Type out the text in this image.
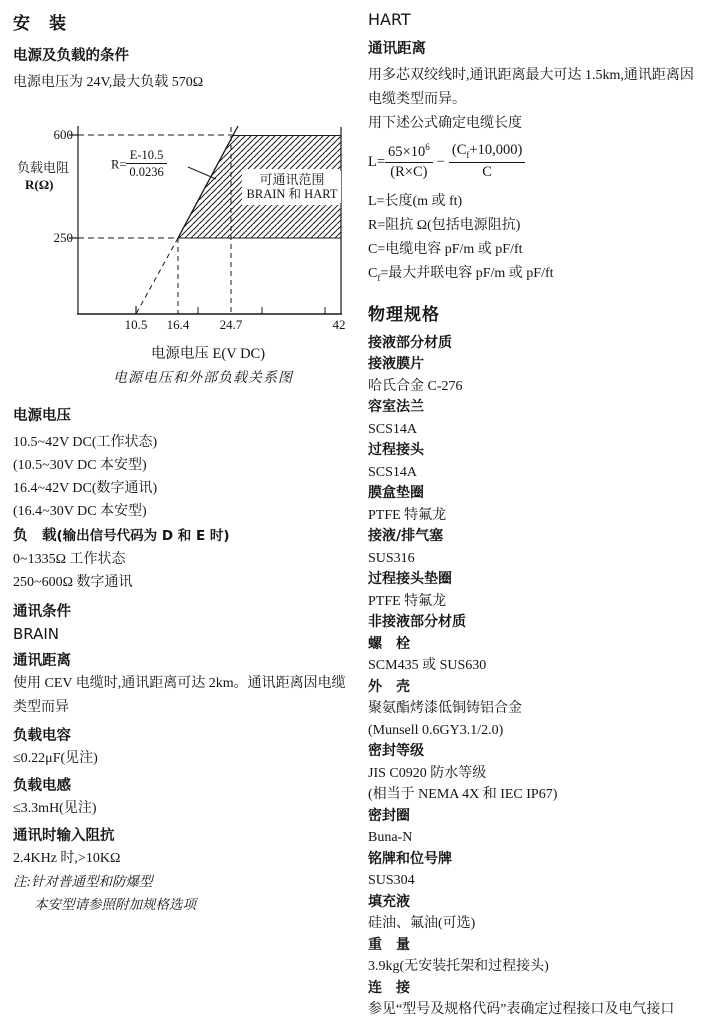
安　装
电源及负载的条件
电源电压为 24V,最大负载 570Ω
600
250
负载电阻
R(Ω)
$R= \frac{E-10.5}{0.0236}$	可通讯范围
BRAIN 和 HART
10.5	16.4	24.7	42
电源电压 E(V DC)
电源电压和外部负载关系图
电源电压
10.5~42V DC(工作状态)
(10.5~30V DC 本安型)
16.4~42V DC(数字通讯)
(16.4~30V DC 本安型)
负　载(输出信号代码为 D 和 E 时)
0~1335Ω 工作状态
250~600Ω 数字通讯
通讯条件
BRAIN
通讯距离
使用 CEV 电缆时,通讯距离可达 2km。通讯距离因电缆类型而异
负载电容
≤0.22μF(见注)
负载电感
≤3.3mH(见注)
通讯时输入阻抗
2.4KHz 时,>10KΩ
注:针对普通型和防爆型
本安型请参照附加规格选项
HART
通讯距离
用多芯双绞线时,通讯距离最大可达 1.5km,通讯距离因电缆类型而异。
用下述公式确定电缆长度
$L= \frac{65\times 10^6}{(R\times C)} - \frac{(C_f+10,000)}{C}$
L=长度(m 或 ft)
R=阻抗 Ω(包括电源阻抗)
C=电缆电容 pF/m 或 pF/ft
$C_f=$最大并联电容 pF/m 或 pF/ft
物理规格
接液部分材质
接液膜片
哈氏合金 C-276
容室法兰
SCS14A
过程接头
SCS14A
膜盒垫圈
PTFE 特氟龙
接液/排气塞
SUS316
过程接头垫圈
PTFE 特氟龙
非接液部分材质
螺　栓
SCM435 或 SUS630
外　壳
聚氨酯烤漆低铜铸铝合金
(Munsell 0.6GY3.1/2.0)
密封等级
JIS C0920 防水等级
(相当于 NEMA 4X 和 IEC IP67)
密封圈
Buna-N
铭牌和位号牌
SUS304
填充液
硅油、氟油(可选)
重　量
3.9kg(无安装托架和过程接头)
连　接
参见“型号及规格代码”表确定过程接口及电气接口
